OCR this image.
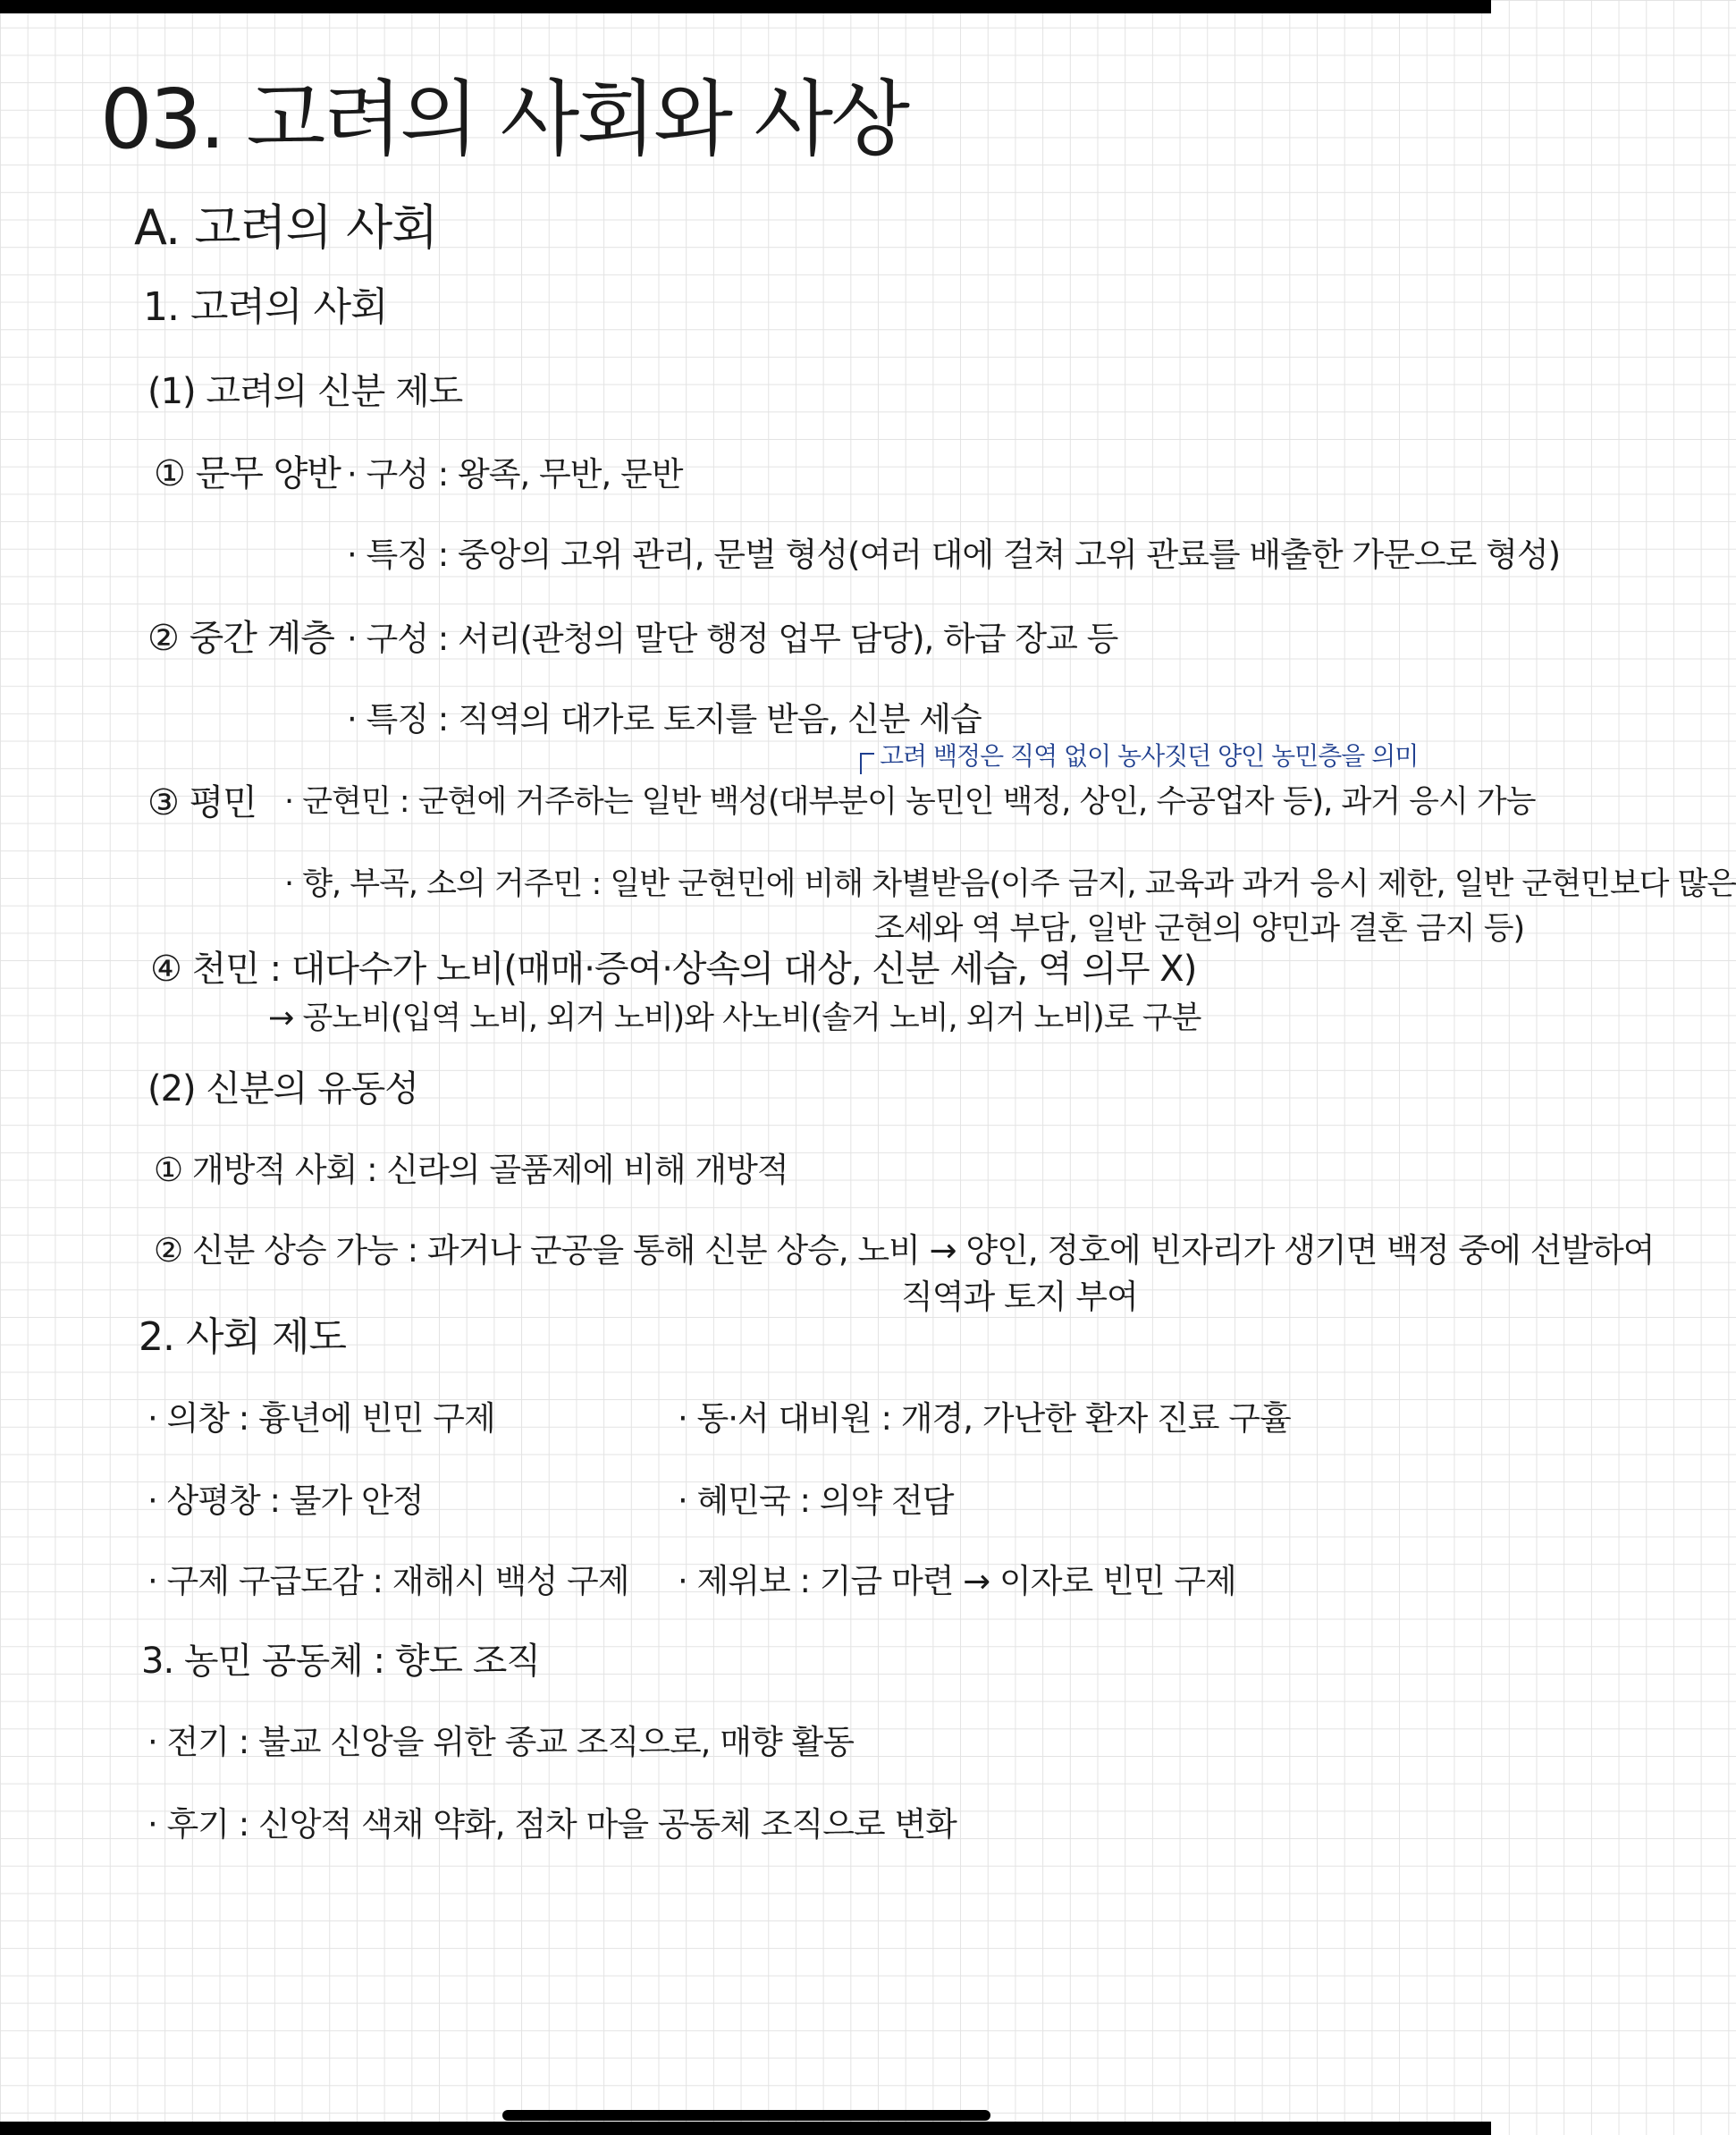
03. 고려의 사회와 사상
A. 고려의 사회
1. 고려의 사회
(1) 고려의 신분 제도
① 문무 양반 · 구성 : 왕족, 무반, 문반
· 특징 : 중앙의 고위 관리, 문벌 형성(여러 대에 걸쳐 고위 관료를 배출한 가문으로 형성)
② 중간 계층 · 구성 : 서리(관청의 말단 행정 업무 담당), 하급 장교 등
· 특징 : 직역의 대가로 토지를 받음, 신분 세습
고려 백정은 직역 없이 농사짓던 양인 농민층을 의미
③ 평민 · 군현민 : 군현에 거주하는 일반 백성(대부분이 농민인 백정, 상인, 수공업자 등), 과거 응시 가능
· 향, 부곡, 소의 거주민 : 일반 군현민에 비해 차별받음(이주 금지, 교육과 과거 응시 제한, 일반 군현민보다 많은
조세와 역 부담, 일반 군현의 양민과 결혼 금지 등)
④ 천민 : 대다수가 노비(매매·증여·상속의 대상, 신분 세습, 역 의무 X)
→ 공노비(입역 노비, 외거 노비)와 사노비(솔거 노비, 외거 노비)로 구분
(2) 신분의 유동성
① 개방적 사회 : 신라의 골품제에 비해 개방적
② 신분 상승 가능 : 과거나 군공을 통해 신분 상승, 노비 → 양인, 정호에 빈자리가 생기면 백정 중에 선발하여
직역과 토지 부여
2. 사회 제도
· 의창 : 흉년에 빈민 구제
· 상평창 : 물가 안정
· 구제 구급도감 : 재해시 백성 구제
· 동·서 대비원 : 개경, 가난한 환자 진료 구휼
· 혜민국 : 의약 전담
· 제위보 : 기금 마련 → 이자로 빈민 구제
3. 농민 공동체 : 향도 조직
· 전기 : 불교 신앙을 위한 종교 조직으로, 매향 활동
· 후기 : 신앙적 색채 약화, 점차 마을 공동체 조직으로 변화
